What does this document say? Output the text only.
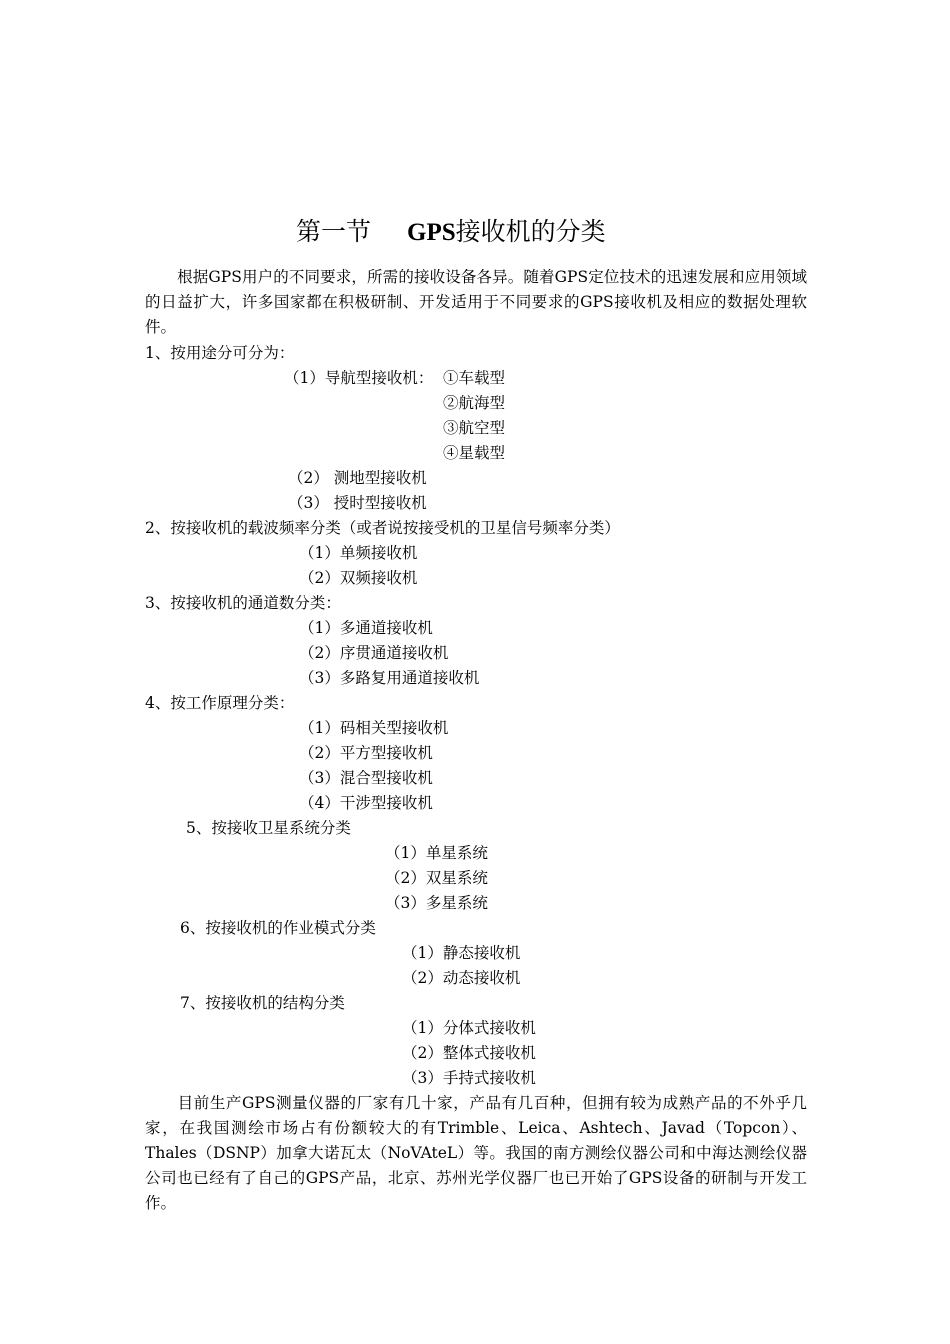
第一节 GPS接收机的分类

根据GPS用户的不同要求，所需的接收设备各异。随着GPS定位技术的迅速发展和应用领域的日益扩大，许多国家都在积极研制、开发适用于不同要求的GPS接收机及相应的数据处理软件。

1、按用途分可分为：
（1）导航型接收机： ①车载型
②航海型
③航空型
④星载型
（2） 测地型接收机
（3） 授时型接收机
2、按接收机的载波频率分类（或者说按接受机的卫星信号频率分类）
（1）单频接收机
（2）双频接收机
3、按接收机的通道数分类：
（1）多通道接收机
（2）序贯通道接收机
（3）多路复用通道接收机
4、按工作原理分类：
（1）码相关型接收机
（2）平方型接收机
（3）混合型接收机
（4）干涉型接收机
5、按接收卫星系统分类
（1）单星系统
（2）双星系统
（3）多星系统
6、按接收机的作业模式分类
（1）静态接收机
（2）动态接收机
7、按接收机的结构分类
（1）分体式接收机
（2）整体式接收机
（3）手持式接收机

目前生产GPS测量仪器的厂家有几十家，产品有几百种，但拥有较为成熟产品的不外乎几家，在我国测绘市场占有份额较大的有Trimble、Leica、Ashtech、Javad（Topcon）、Thales（DSNP）加拿大诺瓦太（NoVAteL）等。我国的南方测绘仪器公司和中海达测绘仪器公司也已经有了自己的GPS产品，北京、苏州光学仪器厂也已开始了GPS设备的研制与开发工作。
